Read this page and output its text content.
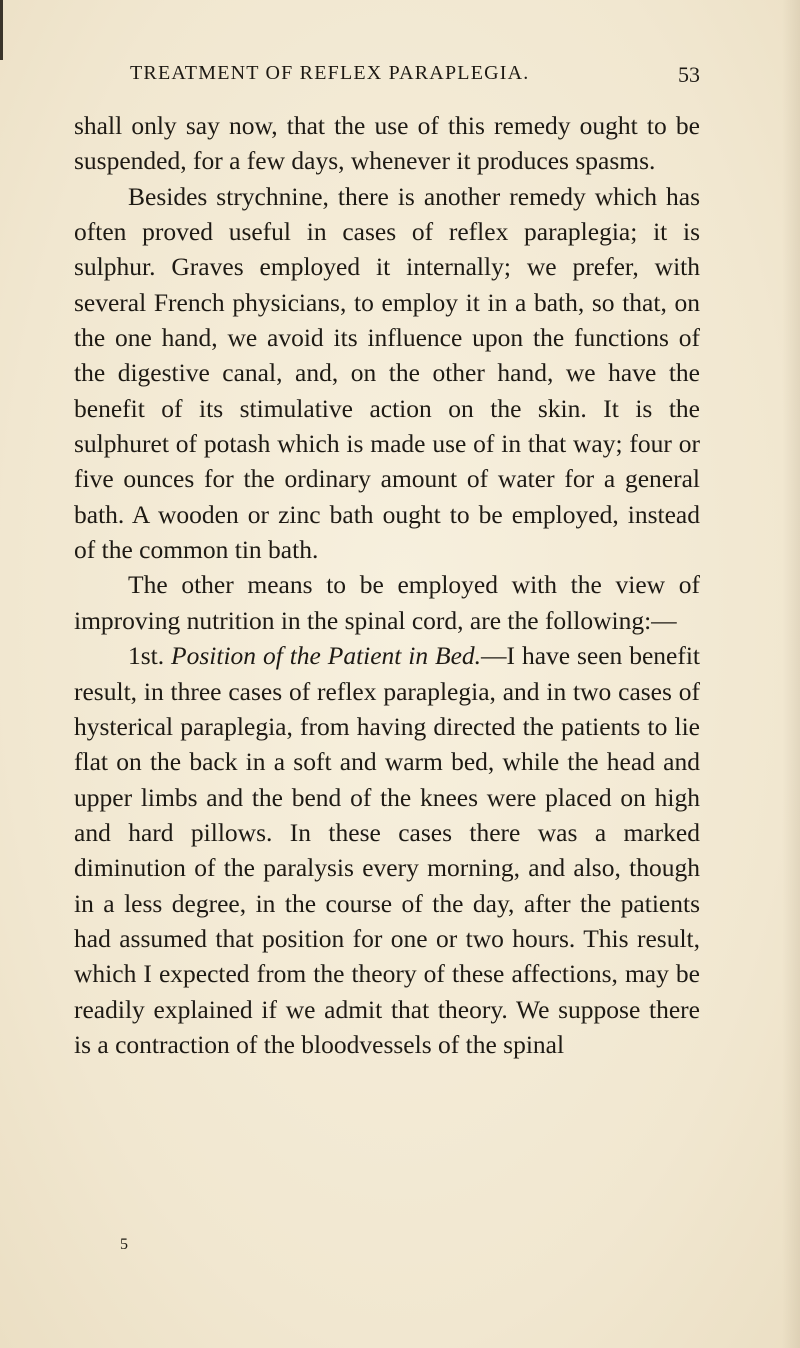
TREATMENT OF REFLEX PARAPLEGIA.	53

shall only say now, that the use of this remedy ought to be suspended, for a few days, whenever it produces spasms.

Besides strychnine, there is another remedy which has often proved useful in cases of reflex paraplegia; it is sulphur. Graves employed it internally; we prefer, with several French physicians, to employ it in a bath, so that, on the one hand, we avoid its influence upon the functions of the digestive canal, and, on the other hand, we have the benefit of its stimulative action on the skin. It is the sulphuret of potash which is made use of in that way; four or five ounces for the ordinary amount of water for a general bath. A wooden or zinc bath ought to be employed, instead of the common tin bath.

The other means to be employed with the view of improving nutrition in the spinal cord, are the following:—

1st. Position of the Patient in Bed.—I have seen benefit result, in three cases of reflex paraplegia, and in two cases of hysterical paraplegia, from having directed the patients to lie flat on the back in a soft and warm bed, while the head and upper limbs and the bend of the knees were placed on high and hard pillows. In these cases there was a marked diminution of the paralysis every morning, and also, though in a less degree, in the course of the day, after the patients had assumed that position for one or two hours. This result, which I expected from the theory of these affections, may be readily explained if we admit that theory. We suppose there is a contraction of the bloodvessels of the spinal

5
